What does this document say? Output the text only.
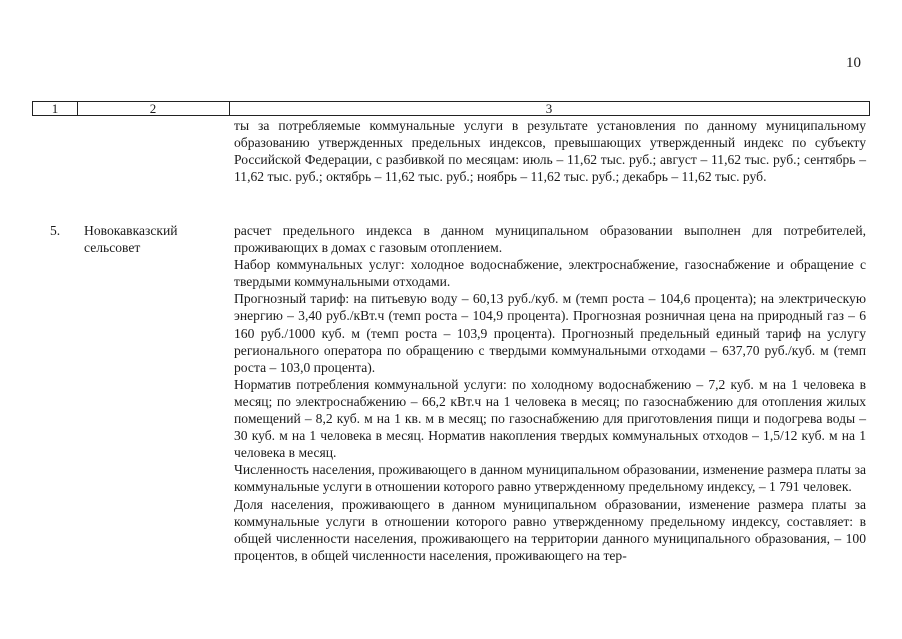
10
1	2	3

ты за потребляемые коммунальные услуги в результате установления по данному муниципальному образованию утвержденных предельных индексов, превышающих утвержденный индекс по субъекту Российской Федерации, с разбивкой по месяцам: июль – 11,62 тыс. руб.; август – 11,62 тыс. руб.; сентябрь – 11,62 тыс. руб.; октябрь – 11,62 тыс. руб.; ноябрь – 11,62 тыс. руб.; декабрь – 11,62 тыс. руб.

5. Новокавказский сельсовет

расчет предельного индекса в данном муниципальном образовании выполнен для потребителей, проживающих в домах с газовым отоплением.

Набор коммунальных услуг: холодное водоснабжение, электроснабжение, газоснабжение и обращение с твердыми коммунальными отходами.

Прогнозный тариф: на питьевую воду – 60,13 руб./куб. м (темп роста – 104,6 процента); на электрическую энергию – 3,40 руб./кВт.ч (темп роста – 104,9 процента). Прогнозная розничная цена на природный газ – 6 160 руб./1000 куб. м (темп роста – 103,9 процента). Прогнозный предельный единый тариф на услугу регионального оператора по обращению с твердыми коммунальными отходами – 637,70 руб./куб. м (темп роста – 103,0 процента).

Норматив потребления коммунальной услуги: по холодному водоснабжению – 7,2 куб. м на 1 человека в месяц; по электроснабжению – 66,2 кВт.ч на 1 человека в месяц; по газоснабжению для отопления жилых помещений – 8,2 куб. м на 1 кв. м в месяц; по газоснабжению для приготовления пищи и подогрева воды – 30 куб. м на 1 человека в месяц. Норматив накопления твердых коммунальных отходов – 1,5/12 куб. м на 1 человека в месяц.

Численность населения, проживающего в данном муниципальном образовании, изменение размера платы за коммунальные услуги в отношении которого равно утвержденному предельному индексу, – 1 791 человек.

Доля населения, проживающего в данном муниципальном образовании, изменение размера платы за коммунальные услуги в отношении которого равно утвержденному предельному индексу, составляет: в общей численности населения, проживающего на территории данного муниципального образования, – 100 процентов, в общей численности населения, проживающего на тер-
